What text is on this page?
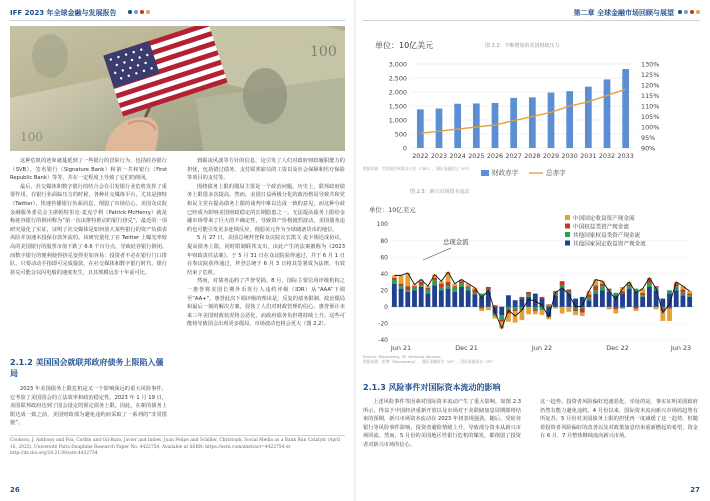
IFF 2023 年全球金融与发展报告	第二章 全球金融市场回顾与展望
100
100

这种危机的迹象就蔓延到了一些银行的冒险行为，包括硅谷银行（SVB）、签名银行（Signature Bank）和第一共和银行（First Republic Bank）等等，并在一定程度上导致了它们的倒闭。

最后，社交媒体和数字银行的结合会在引发银行业危机发挥了重要作用。在银行业面临压力的时候，各种社交媒体平台，尤其是推特（Twitter），快速传播银行负面消息，削弱了市场信心。美国众议院金融服务委员会主席帕特里克·麦克亨利（Patrick McHenry）就是称硅谷银行的倒闭称为“第一次由推特推动的银行挤兑”，最近的一项研究量化了实证，证明了社交媒体是如何放大某些银行的资产负债表风险并加速未投保存款外流的。该研究量化了在 Twitter 上曝光率较高的美国银行的股票市值下跌了 6.6 个百分点，导致硅谷银行倒闭。而数字银行的便利使得挤兑变得更加容易：投资者不必在银行门口排队，只要动动手指即可完成提款，在社交媒体和数字银行时代，银行挤兑可能会以闪电般的速度发生，且其规模远非十年前可比。

2.1.2 美国国会就联邦政府债务上限陷入僵局

2023 年美国债务上限危机是又一个影响深远的重大风险事件，它考验了美国国会的立法效率和政治稳定性。2023 年 1 月 19 日，美国联邦政府达到了国会设定的预定债务上限。因此，在新的债务上限达成一致之前，美国财政部为避免违约而采取了一系列的“非常措施”。

到霸凌风波等方针的信息，这引发了人们对政府财政履职能力的担忧，包括错过债务、支付联邦雇员的工资以及社会保障和医疗保险等项目的支付等。

围绕债务上限的僵局主要是一个政治问题。历史上，联邦政府债务上限很多次提高。然而，美国日益两极分化的政治格局导致共和党和民主党在提高债务上限的谈判中难以达成一致的意见，而这种分歧已经成为影响美国财政稳定的长期隐患之一。无法提高债务上限给金融市场带来了巨大的不确定性，导致资产价格剧烈波动。美国债务违约也可能引发更多连锁反应，削弱美元作为全球储备货币的地位。

5 月 27 日，美国总统拜登和众议院议长凯文·麦卡锡达成协议，提高债务上限，同时限制联邦支出，由此产生的法案被称为《2023 年财政责任法案》。于 5 月 31 日在众议院获得通过，并于 6 月 1 日在参议院获得通过，拜登总统于 6 月 3 日将其签署成为法律，有效结束了危机。

然而，对债务违约了声誉受损。8 月，国际主要信用评级机构之一惠誉将美国长期外币发行人违约评级（IDR）从“AAA”下调至“AA+”。惠誉此次下调评级的理由是，反复的债务限制、政治僵局和最后一刻的解决方案，侵蚀了人们对财政管理的信心。惠誉预计未来三年美国财政状况将会恶化，而政府债务负担将持续上升。这些可能将导致国会出现更多僵局，市场波动也将会更大（图 2.2）。

Cookson, J. Anthony and Fox, Corbin and Gil-Bazo, Javier and Imbet, Juan Felipe and Schiller, Christoph, Social Media as a Bank Run Catalyst (April 16, 2023). Université Paris-Dauphine Research Paper No. 4422754, Available at SSRN: https://ssrn.com/abstract=4422754 or http://dx.doi.org/10.2139/ssrn.4422754
26	27
图 2.2：不断增加的美国财政压力
单位：10亿美元
0
500
1,000
1,500
2,000
2,500
3,000
90%
95%
100%
105%
110%
115%
120%
125%
130%
2022 2023 2024 2025 2026 2027 2028 2029 2030 2031 2032 2033
财政赤字	总赤字
数据来源：美国国会预算办公室（CBO），国际金融论坛（IFF）
图 2.3：新兴市场资本流动
单位：10亿美元
-40
-20
0
20
40
60
80
100
Jun 21	Dec 21	Jun 22	Dec 22	Jun 23
总现金流
中国国定收益资产现金流
中国权益类资产现金流
其他国家权益类资产现金流
其他国家固定收益资产现金流
Source: Bloomberg, IIF, National Sources.
数据来源：彭博（Bloomberg），国际金融协会（IIF），国际金融论坛（IFF）
2.1.3 风险事件对国际资本流动的影响

上述风险事件等因素对国际资本流动产生了重大影响。如图 2.3 所示，得益于中国经济重新开放以及市场对于美联储加息周期即将结束的预期，新兴市场资本流动在 2023 年初表现强劲。随后，受硅谷银行等风险事件影响，投资者避险情绪上升，导致部分资本从新兴市场回流。然而，5 月份的美国地区性银行危机的爆发，都削弱了投资者对新兴市场的信心。

这一趋势。投资者风险偏好迅速恶化，牵扯的是、事实证明美国政府仍然有能力避免违约。4 月份以来，国际资本流向新兴市场的趋势有所复苏，5 月份对美国债务上限的担忧再一度减缓了这一趋势。但随着投资者风险偏好的改善以及对政策加息结束重新燃起的希望，资金在 6 月、7 月整体继续流向新兴市场。
